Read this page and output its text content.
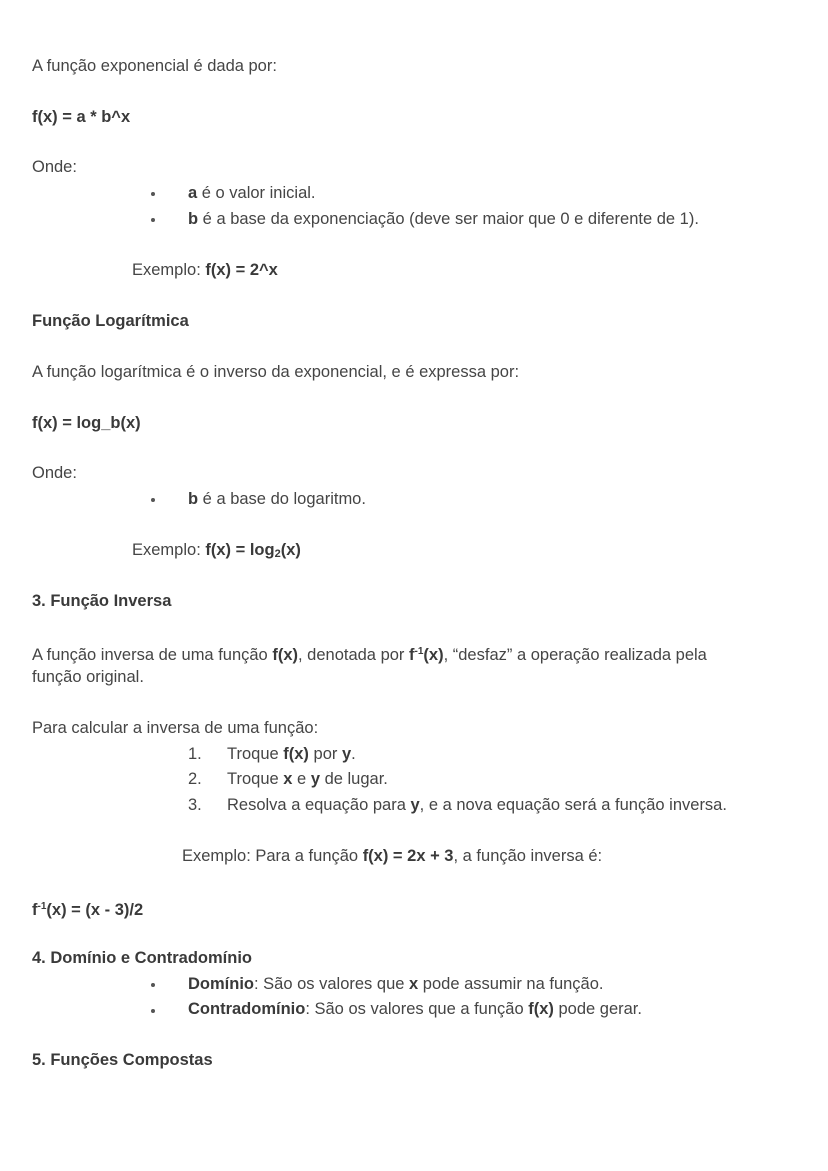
A função exponencial é dada por:
f(x) = a * b^x
Onde:
a é o valor inicial.
b é a base da exponenciação (deve ser maior que 0 e diferente de 1).
Exemplo: f(x) = 2^x
Função Logarítmica
A função logarítmica é o inverso da exponencial, e é expressa por:
f(x) = log_b(x)
Onde:
b é a base do logaritmo.
Exemplo: $f(x) = \log_2(x)$
3. Função Inversa
A função inversa de uma função f(x), denotada por $f^{-1}(x)$, “desfaz” a operação realizada pela
função original.
Para calcular a inversa de uma função:
1. Troque f(x) por y.
2. Troque x e y de lugar.
3. Resolva a equação para y, e a nova equação será a função inversa.
Exemplo: Para a função f(x) = 2x + 3, a função inversa é:
$f^{-1}(x) = (x - 3)/2$
4. Domínio e Contradomínio
Domínio: São os valores que x pode assumir na função.
Contradomínio: São os valores que a função f(x) pode gerar.
5. Funções Compostas
